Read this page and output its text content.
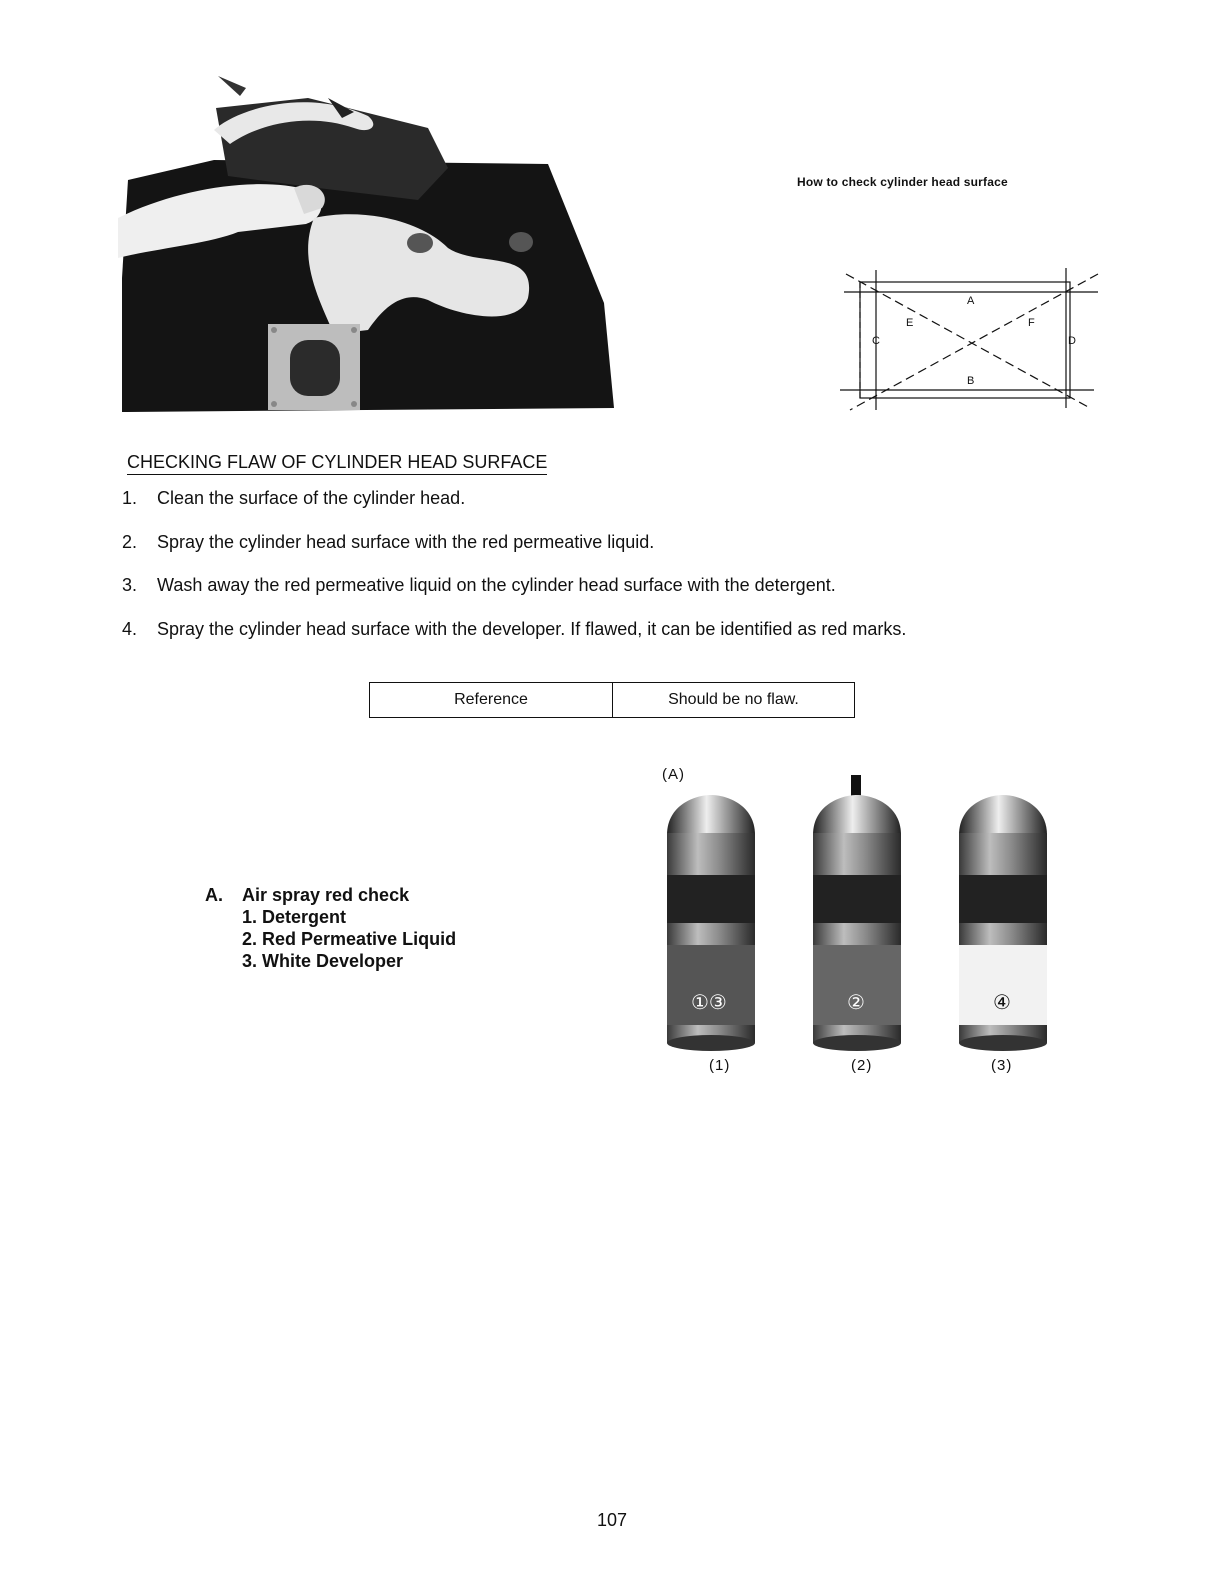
How to check cylinder head surface
A
B
C	D
E	F
CHECKING FLAW OF CYLINDER HEAD SURFACE
1. Clean the surface of the cylinder head.
2. Spray the cylinder head surface with the red permeative liquid.
3. Wash away the red permeative liquid on the cylinder head surface with the detergent.
4. Spray the cylinder head surface with the developer. If flawed, it can be identified as red marks.
Reference	Should be no flaw.
A. Air spray red check
1. Detergent
2. Red Permeative Liquid
3. White Developer
(A)
①③	②	④
(1)	(2)	(3)
107
